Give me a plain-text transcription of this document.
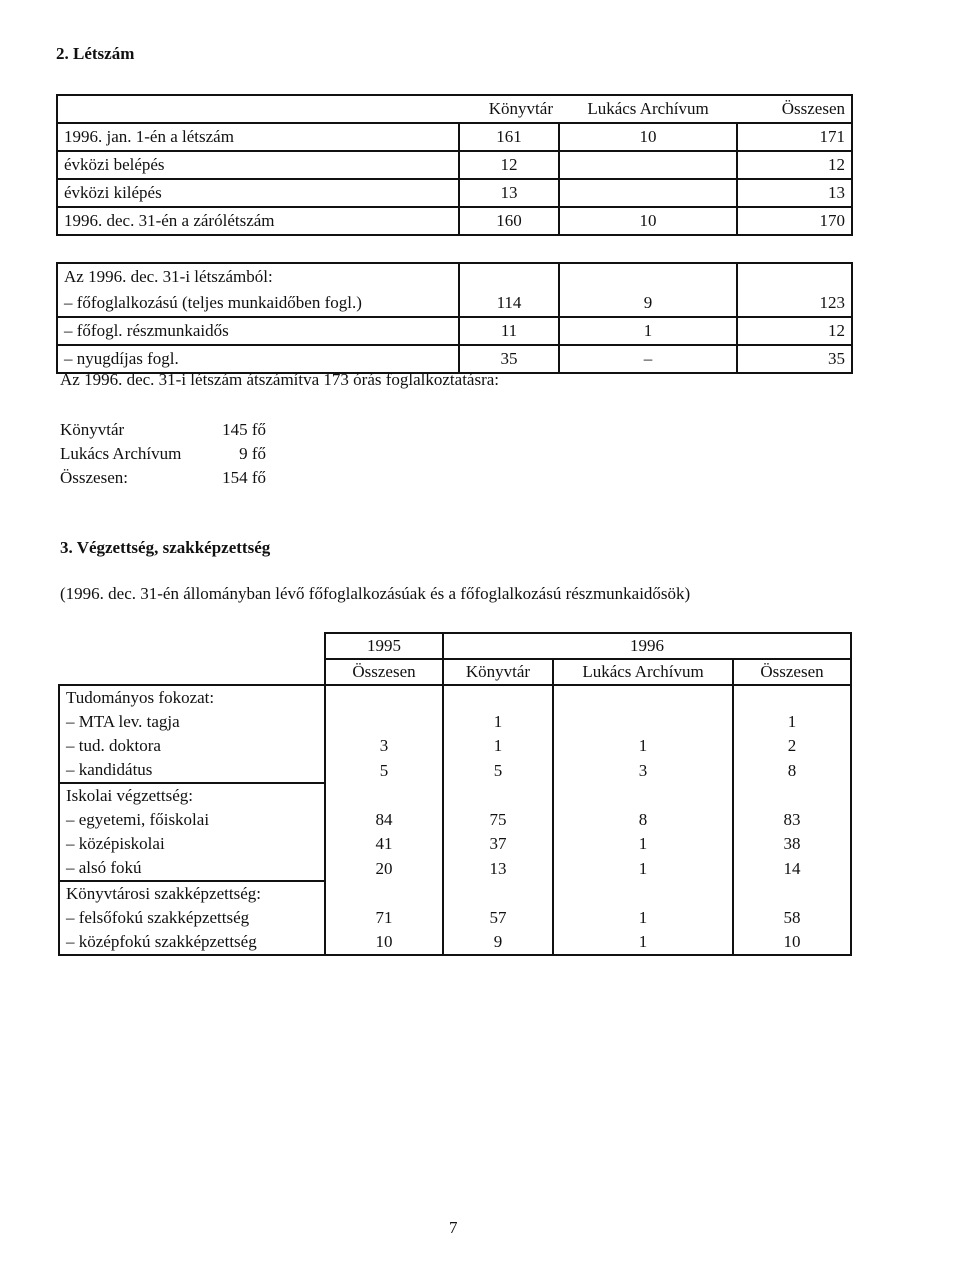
2. Létszám
	Könyvtár	Lukács Archívum	Összesen
1996. jan. 1-én a létszám	161	10	171
évközi belépés	12		12
évközi kilépés	13		13
1996. dec. 31-én a zárólétszám	160	10	170

Az 1996. dec. 31-i létszámból:			
– főfoglalkozású (teljes munkaidőben fogl.)	114	9	123
– főfogl. részmunkaidős	11	1	12
– nyugdíjas fogl.	35	–	35
Az 1996. dec. 31-i létszám átszámítva 173 órás foglalkoztatásra:
Könyvtár	145 fő
Lukács Archívum	9 fő
Összesen:	154 fő
3. Végzettség, szakképzettség
(1996. dec. 31-én állományban lévő főfoglalkozásúak és a főfoglalkozású részmunkaidősök)
	1995	1996		
	Összesen	Könyvtár	Lukács Archívum	Összesen
Tudományos fokozat:				
– MTA lev. tagja		1		1
– tud. doktora	3	1	1	2
– kandidátus	5	5	3	8
Iskolai végzettség:				
– egyetemi, főiskolai	84	75	8	83
– középiskolai	41	37	1	38
– alsó fokú	20	13	1	14
Könyvtárosi szakképzettség:				
– felsőfokú szakképzettség	71	57	1	58
– középfokú szakképzettség	10	9	1	10
7
